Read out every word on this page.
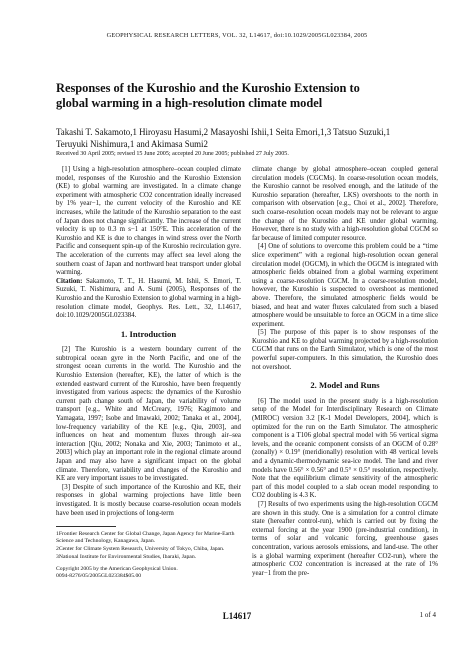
GEOPHYSICAL RESEARCH LETTERS, VOL. 32, L14617, doi:10.1029/2005GL023384, 2005
Responses of the Kuroshio and the Kuroshio Extension to global warming in a high-resolution climate model
Takashi T. Sakamoto,1 Hiroyasu Hasumi,2 Masayoshi Ishii,1 Seita Emori,1,3 Tatsuo Suzuki,1 Teruyuki Nishimura,1 and Akimasa Sumi2
Received 30 April 2005; revised 15 June 2005; accepted 20 June 2005; published 27 July 2005.

[1] Using a high-resolution atmosphere–ocean coupled climate model, responses of the Kuroshio and the Kuroshio Extension (KE) to global warming are investigated. In a climate change experiment with atmospheric CO2 concentration ideally increased by 1% year−1, the current velocity of the Kuroshio and KE increases, while the latitude of the Kuroshio separation to the east of Japan does not change significantly. The increase of the current velocity is up to 0.3 m s−1 at 150°E. This acceleration of the Kuroshio and KE is due to changes in wind stress over the North Pacific and consequent spin-up of the Kuroshio recirculation gyre. The acceleration of the currents may affect sea level along the southern coast of Japan and northward heat transport under global warming.

Citation: Sakamoto, T. T., H. Hasumi, M. Ishii, S. Emori, T. Suzuki, T. Nishimura, and A. Sumi (2005), Responses of the Kuroshio and the Kuroshio Extension to global warming in a high-resolution climate model, Geophys. Res. Lett., 32, L14617, doi:10.1029/2005GL023384.

1. Introduction

[2] The Kuroshio is a western boundary current of the subtropical ocean gyre in the North Pacific, and one of the strongest ocean currents in the world. The Kuroshio and the Kuroshio Extension (hereafter, KE), the latter of which is the extended eastward current of the Kuroshio, have been frequently investigated from various aspects: the dynamics of the Kuroshio current path change south of Japan, the variability of volume transport [e.g., White and McCreary, 1976; Kagimoto and Yamagata, 1997; Isobe and Imawaki, 2002; Tanaka et al., 2004], low-frequency variability of the KE [e.g., Qiu, 2003], and influences on heat and momentum fluxes through air–sea interaction [Qiu, 2002; Nonaka and Xie, 2003; Tanimoto et al., 2003] which play an important role in the regional climate around Japan and may also have a significant impact on the global climate. Therefore, variability and changes of the Kuroshio and KE are very important issues to be investigated.

[3] Despite of such importance of the Kuroshio and KE, their responses in global warming projections have little been investigated. It is mostly because coarse-resolution ocean models have been used in projections of long-term

1Frontier Research Center for Global Change, Japan Agency for Marine-Earth Science and Technology, Kanagawa, Japan.

2Center for Climate System Research, University of Tokyo, Chiba, Japan.

3National Institute for Environmental Studies, Ibaraki, Japan.

Copyright 2005 by the American Geophysical Union.
0094-8276/05/2005GL023384$05.00

climate change by global atmosphere–ocean coupled general circulation models (CGCMs). In coarse-resolution ocean models, the Kuroshio cannot be resolved enough, and the latitude of the Kuroshio separation (hereafter, LKS) overshoots to the north in comparison with observation [e.g., Choi et al., 2002]. Therefore, such coarse-resolution ocean models may not be relevant to argue the change of the Kuroshio and KE under global warming. However, there is no study with a high-resolution global CGCM so far because of limited computer resource.

[4] One of solutions to overcome this problem could be a “time slice experiment” with a regional high-resolution ocean general circulation model (OGCM), in which the OGCM is integrated with atmospheric fields obtained from a global warming experiment using a coarse-resolution CGCM. In a coarse-resolution model, however, the Kuroshio is suspected to overshoot as mentioned above. Therefore, the simulated atmospheric fields would be biased, and heat and water fluxes calculated from such a biased atmosphere would be unsuitable to force an OGCM in a time slice experiment.

[5] The purpose of this paper is to show responses of the Kuroshio and KE to global warming projected by a high-resolution CGCM that runs on the Earth Simulator, which is one of the most powerful super-computers. In this simulation, the Kuroshio does not overshoot.

2. Model and Runs

[6] The model used in the present study is a high-resolution setup of the Model for Interdisciplinary Research on Climate (MIROC) version 3.2 [K-1 Model Developers, 2004], which is optimized for the run on the Earth Simulator. The atmospheric component is a T106 global spectral model with 56 vertical sigma levels, and the oceanic component consists of an OGCM of 0.28° (zonally) × 0.19° (meridionally) resolution with 48 vertical levels and a dynamic-thermodynamic sea-ice model. The land and river models have 0.56° × 0.56° and 0.5° × 0.5° resolution, respectively. Note that the equilibrium climate sensitivity of the atmospheric part of this model coupled to a slab ocean model responding to CO2 doubling is 4.3 K.

[7] Results of two experiments using the high-resolution CGCM are shown in this study. One is a simulation for a control climate state (hereafter control-run), which is carried out by fixing the external forcing at the year 1900 (pre-industrial condition), in terms of solar and volcanic forcing, greenhouse gases concentration, various aerosols emissions, and land-use. The other is a global warming experiment (hereafter CO2-run), where the atmospheric CO2 concentration is increased at the rate of 1% year−1 from the pre-

L14617	1 of 4
